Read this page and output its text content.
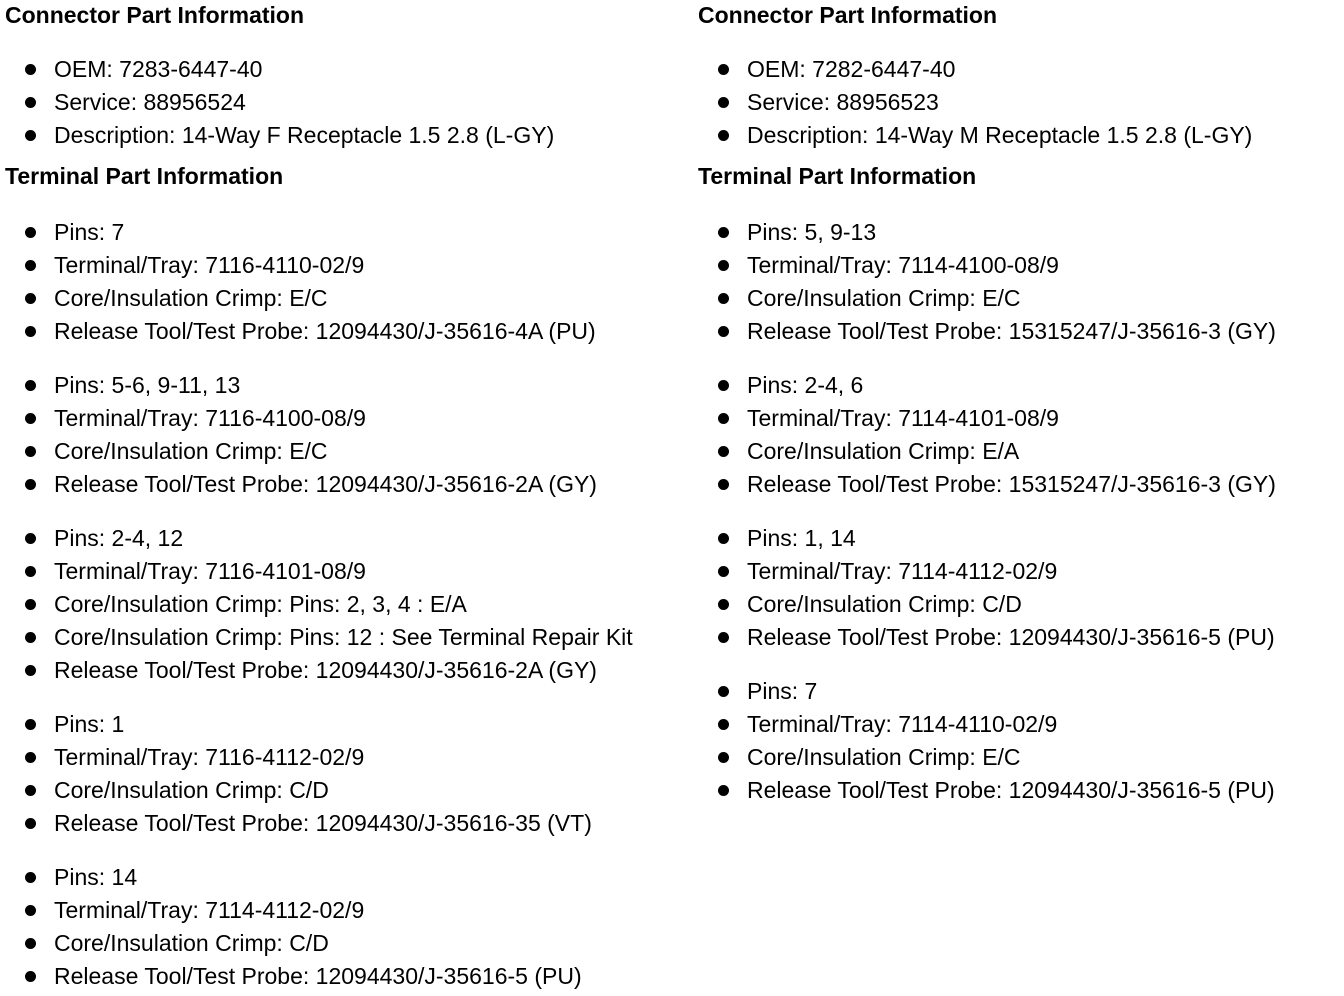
Connector Part Information
OEM: 7283-6447-40
Service: 88956524
Description: 14-Way F Receptacle 1.5 2.8 (L-GY)
Terminal Part Information
Pins: 7
Terminal/Tray: 7116-4110-02/9
Core/Insulation Crimp: E/C
Release Tool/Test Probe: 12094430/J-35616-4A (PU)
Pins: 5-6, 9-11, 13
Terminal/Tray: 7116-4100-08/9
Core/Insulation Crimp: E/C
Release Tool/Test Probe: 12094430/J-35616-2A (GY)
Pins: 2-4, 12
Terminal/Tray: 7116-4101-08/9
Core/Insulation Crimp: Pins: 2, 3, 4 : E/A
Core/Insulation Crimp: Pins: 12 : See Terminal Repair Kit
Release Tool/Test Probe: 12094430/J-35616-2A (GY)
Pins: 1
Terminal/Tray: 7116-4112-02/9
Core/Insulation Crimp: C/D
Release Tool/Test Probe: 12094430/J-35616-35 (VT)
Pins: 14
Terminal/Tray: 7114-4112-02/9
Core/Insulation Crimp: C/D
Release Tool/Test Probe: 12094430/J-35616-5 (PU)
Connector Part Information
OEM: 7282-6447-40
Service: 88956523
Description: 14-Way M Receptacle 1.5 2.8 (L-GY)
Terminal Part Information
Pins: 5, 9-13
Terminal/Tray: 7114-4100-08/9
Core/Insulation Crimp: E/C
Release Tool/Test Probe: 15315247/J-35616-3 (GY)
Pins: 2-4, 6
Terminal/Tray: 7114-4101-08/9
Core/Insulation Crimp: E/A
Release Tool/Test Probe: 15315247/J-35616-3 (GY)
Pins: 1, 14
Terminal/Tray: 7114-4112-02/9
Core/Insulation Crimp: C/D
Release Tool/Test Probe: 12094430/J-35616-5 (PU)
Pins: 7
Terminal/Tray: 7114-4110-02/9
Core/Insulation Crimp: E/C
Release Tool/Test Probe: 12094430/J-35616-5 (PU)
